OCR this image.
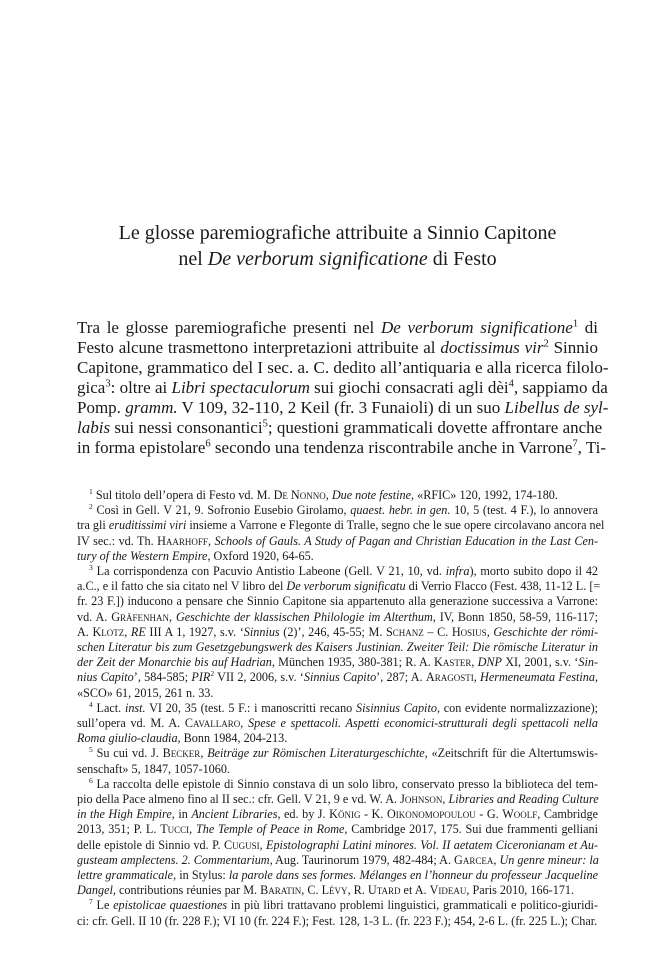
Le glosse paremiografiche attribuite a Sinnio Capitone
nel De verborum significatione di Festo
Tra le glosse paremiografiche presenti nel De verborum significatione$^1$ di
Festo alcune trasmettono interpretazioni attribuite al doctissimus vir$^2$ Sinnio
Capitone, grammatico del I sec. a. C. dedito all’antiquaria e alla ricerca filolo-
gica$^3$: oltre ai Libri spectaculorum sui giochi consacrati agli dèi$^4$, sappiamo da
Pomp. gramm. V 109, 32-110, 2 Keil (fr. 3 Funaioli) di un suo Libellus de syl-
labis sui nessi consonantici$^5$; questioni grammaticali dovette affrontare anche
in forma epistolare$^6$ secondo una tendenza riscontrabile anche in Varrone$^7$, Ti-
$^1$ Sul titolo dell’opera di Festo vd. M. De Nonno, Due note festine, «RFIC» 120, 1992, 174-180.
$^2$ Così in Gell. V 21, 9. Sofronio Eusebio Girolamo, quaest. hebr. in gen. 10, 5 (test. 4 F.), lo annovera
tra gli eruditissimi viri insieme a Varrone e Flegonte di Tralle, segno che le sue opere circolavano ancora nel
IV sec.: vd. Th. Haarhoff, Schools of Gauls. A Study of Pagan and Christian Education in the Last Cen-
tury of the Western Empire, Oxford 1920, 64-65.
$^3$ La corrispondenza con Pacuvio Antistio Labeone (Gell. V 21, 10, vd. infra), morto subito dopo il 42
a.C., e il fatto che sia citato nel V libro del De verborum significatu di Verrio Flacco (Fest. 438, 11-12 L. [=
fr. 23 F.]) inducono a pensare che Sinnio Capitone sia appartenuto alla generazione successiva a Varrone:
vd. A. Gräfenhan, Geschichte der klassischen Philologie im Alterthum, IV, Bonn 1850, 58-59, 116-117;
A. Klotz, RE III A 1, 1927, s.v. ‘Sinnius (2)’, 246, 45-55; M. Schanz – C. Hosius, Geschichte der römi-
schen Literatur bis zum Gesetzgebungswerk des Kaisers Justinian. Zweiter Teil: Die römische Literatur in
der Zeit der Monarchie bis auf Hadrian, München 1935, 380-381; R. A. Kaster, DNP XI, 2001, s.v. ‘Sin-
nius Capito’, 584-585; PIR$^2$ VII 2, 2006, s.v. ‘Sinnius Capito’, 287; A. Aragosti, Hermeneumata Festina,
«SCO» 61, 2015, 261 n. 33.
$^4$ Lact. inst. VI 20, 35 (test. 5 F.: i manoscritti recano Sisinnius Capito, con evidente normalizzazione);
sull’opera vd. M. A. Cavallaro, Spese e spettacoli. Aspetti economici-strutturali degli spettacoli nella
Roma giulio-claudia, Bonn 1984, 204-213.
$^5$ Su cui vd. J. Becker, Beiträge zur Römischen Literaturgeschichte, «Zeitschrift für die Altertumswis-
senschaft» 5, 1847, 1057-1060.
$^6$ La raccolta delle epistole di Sinnio constava di un solo libro, conservato presso la biblioteca del tem-
pio della Pace almeno fino al II sec.: cfr. Gell. V 21, 9 e vd. W. A. Johnson, Libraries and Reading Culture
in the High Empire, in Ancient Libraries, ed. by J. König - K. Oikonomopoulou - G. Woolf, Cambridge
2013, 351; P. L. Tucci, The Temple of Peace in Rome, Cambridge 2017, 175. Sui due frammenti gelliani
delle epistole di Sinnio vd. P. Cugusi, Epistolographi Latini minores. Vol. II aetatem Ciceronianam et Au-
gusteam amplectens. 2. Commentarium, Aug. Taurinorum 1979, 482-484; A. Garcea, Un genre mineur: la
lettre grammaticale, in Stylus: la parole dans ses formes. Mélanges en l’honneur du professeur Jacqueline
Dangel, contributions réunies par M. Baratin, C. Lévy, R. Utard et A. Videau, Paris 2010, 166-171.
$^7$ Le epistolicae quaestiones in più libri trattavano problemi linguistici, grammaticali e politico-giuridi-
ci: cfr. Gell. II 10 (fr. 228 F.); VI 10 (fr. 224 F.); Fest. 128, 1-3 L. (fr. 223 F.); 454, 2-6 L. (fr. 225 L.); Char.
